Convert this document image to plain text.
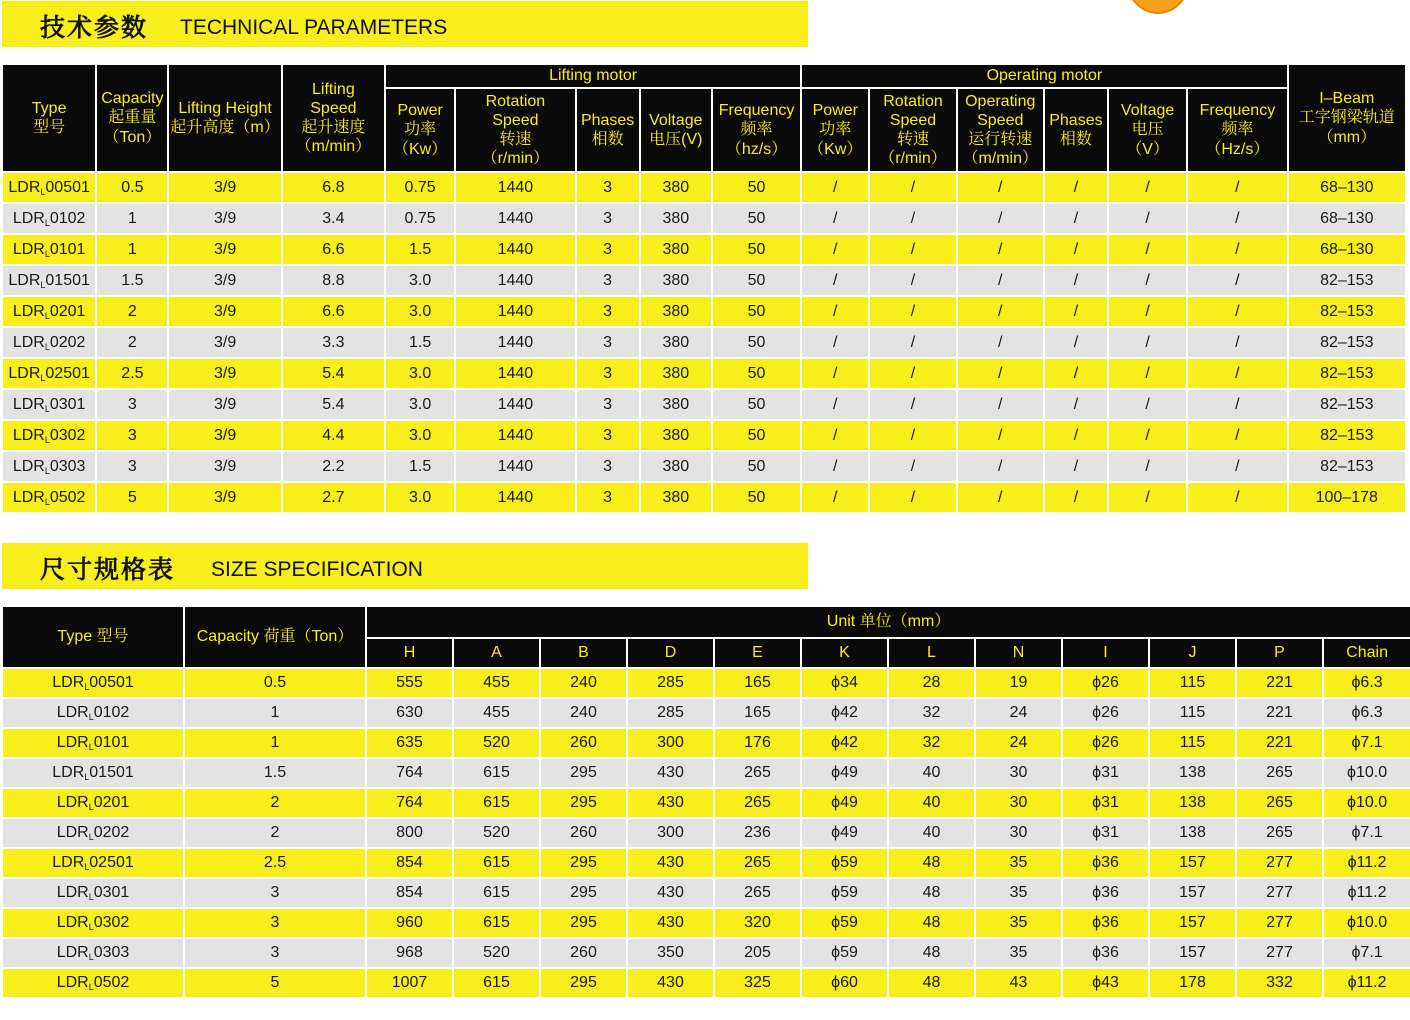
技术参数 TECHNICAL PARAMETERS
Type
型号	Capacity
起重量
（Ton）	Lifting Height
起升高度（m）	Lifting
Speed
起升速度
（m/min）	Lifting motor					Operating motor						I–Beam
工字钢梁轨道
（mm）

				Power
功率
（Kw）	Rotation
Speed
转速
（r/min）	Phases
相数	Voltage
电压(V)	Frequency
频率
（hz/s）	Power
功率
（Kw）	Rotation
Speed
转速
（r/min）	Operating
Speed
运行转速
（m/min）	Phases
相数	Voltage
电压
（V）	Frequency
频率
（Hz/s）	

$LDR_L00501$	0.5	3/9	6.8	0.75	1440	3	380	50	/	/	/	/	/	/	68–130
$LDR_L0102$	1	3/9	3.4	0.75	1440	3	380	50	/	/	/	/	/	/	68–130
$LDR_L0101$	1	3/9	6.6	1.5	1440	3	380	50	/	/	/	/	/	/	68–130
$LDR_L01501$	1.5	3/9	8.8	3.0	1440	3	380	50	/	/	/	/	/	/	82–153
$LDR_L0201$	2	3/9	6.6	3.0	1440	3	380	50	/	/	/	/	/	/	82–153
$LDR_L0202$	2	3/9	3.3	1.5	1440	3	380	50	/	/	/	/	/	/	82–153
$LDR_L02501$	2.5	3/9	5.4	3.0	1440	3	380	50	/	/	/	/	/	/	82–153
$LDR_L0301$	3	3/9	5.4	3.0	1440	3	380	50	/	/	/	/	/	/	82–153
$LDR_L0302$	3	3/9	4.4	3.0	1440	3	380	50	/	/	/	/	/	/	82–153
$LDR_L0303$	3	3/9	2.2	1.5	1440	3	380	50	/	/	/	/	/	/	82–153
$LDR_L0502$	5	3/9	2.7	3.0	1440	3	380	50	/	/	/	/	/	/	100–178
尺寸规格表 SIZE SPECIFICATION
Type 型号	Capacity 荷重（Ton）	Unit 单位（mm）											
		H	A	B	D	E	K	L	N	I	J	P	Chain
$LDR_L00501$	0.5	555	455	240	285	165	ϕ34	28	19	ϕ26	115	221	ϕ6.3
$LDR_L0102$	1	630	455	240	285	165	ϕ42	32	24	ϕ26	115	221	ϕ6.3
$LDR_L0101$	1	635	520	260	300	176	ϕ42	32	24	ϕ26	115	221	ϕ7.1
$LDR_L01501$	1.5	764	615	295	430	265	ϕ49	40	30	ϕ31	138	265	ϕ10.0
$LDR_L0201$	2	764	615	295	430	265	ϕ49	40	30	ϕ31	138	265	ϕ10.0
$LDR_L0202$	2	800	520	260	300	236	ϕ49	40	30	ϕ31	138	265	ϕ7.1
$LDR_L02501$	2.5	854	615	295	430	265	ϕ59	48	35	ϕ36	157	277	ϕ11.2
$LDR_L0301$	3	854	615	295	430	265	ϕ59	48	35	ϕ36	157	277	ϕ11.2
$LDR_L0302$	3	960	615	295	430	320	ϕ59	48	35	ϕ36	157	277	ϕ10.0
$LDR_L0303$	3	968	520	260	350	205	ϕ59	48	35	ϕ36	157	277	ϕ7.1
$LDR_L0502$	5	1007	615	295	430	325	ϕ60	48	43	ϕ43	178	332	ϕ11.2
